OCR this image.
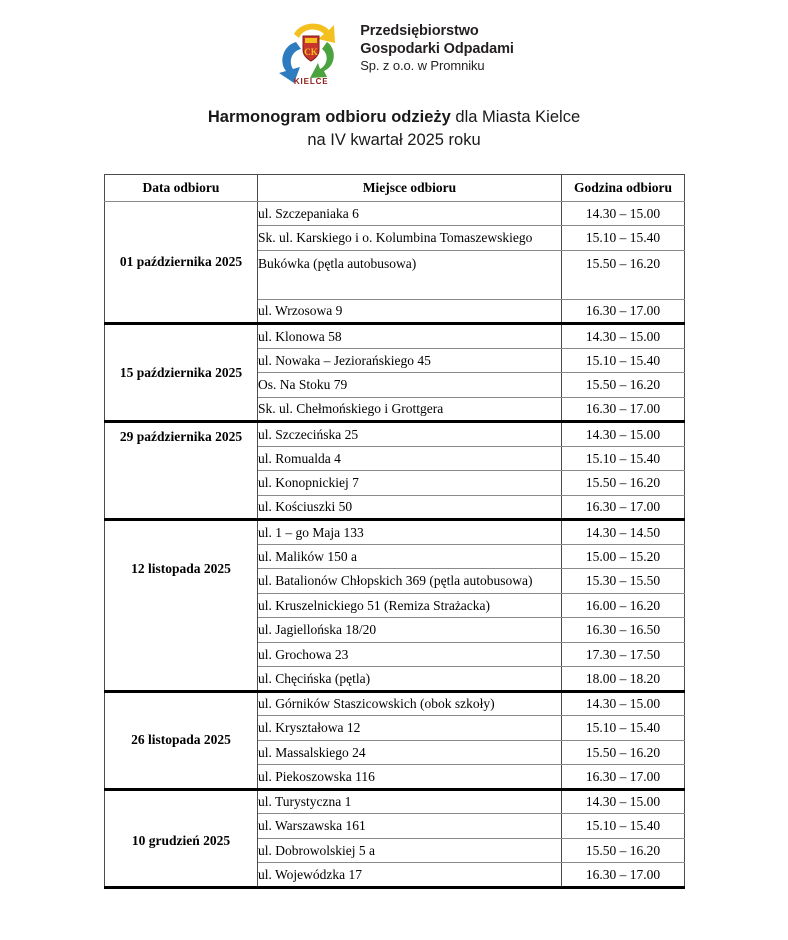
CK
KIELCE
Przedsiębiorstwo
Gospodarki Odpadami
Sp. z o.o. w Promniku
Harmonogram odbioru odzieży dla Miasta Kielce
na IV kwartał 2025 roku
Data odbioru	Miejsce odbioru	Godzina odbioru
01 października 2025	ul. Szczepaniaka 6	14.30 – 15.00
	Sk. ul. Karskiego i o. Kolumbina Tomaszewskiego	15.10 – 15.40
	Bukówka (pętla autobusowa)	15.50 – 16.20
	ul. Wrzosowa 9	16.30 – 17.00
15 października 2025	ul. Klonowa 58	14.30 – 15.00
	ul. Nowaka – Jeziorańskiego 45	15.10 – 15.40
	Os. Na Stoku 79	15.50 – 16.20
	Sk. ul. Chełmońskiego i Grottgera	16.30 – 17.00
29 października 2025	ul. Szczecińska 25	14.30 – 15.00
	ul. Romualda 4	15.10 – 15.40
	ul. Konopnickiej 7	15.50 – 16.20
	ul. Kościuszki 50	16.30 – 17.00
12 listopada 2025	ul. 1 – go Maja 133	14.30 – 14.50
	ul. Malików 150 a	15.00 – 15.20
	ul. Batalionów Chłopskich 369 (pętla autobusowa)	15.30 – 15.50
	ul. Kruszelnickiego 51 (Remiza Strażacka)	16.00 – 16.20
	ul. Jagiellońska 18/20	16.30 – 16.50
	ul. Grochowa 23	17.30 – 17.50
	ul. Chęcińska (pętla)	18.00 – 18.20
26 listopada 2025	ul. Górników Staszicowskich (obok szkoły)	14.30 – 15.00
	ul. Kryształowa 12	15.10 – 15.40
	ul. Massalskiego 24	15.50 – 16.20
	ul. Piekoszowska 116	16.30 – 17.00
10 grudzień 2025	ul. Turystyczna 1	14.30 – 15.00
	ul. Warszawska 161	15.10 – 15.40
	ul. Dobrowolskiej 5 a	15.50 – 16.20
	ul. Wojewódzka 17	16.30 – 17.00
